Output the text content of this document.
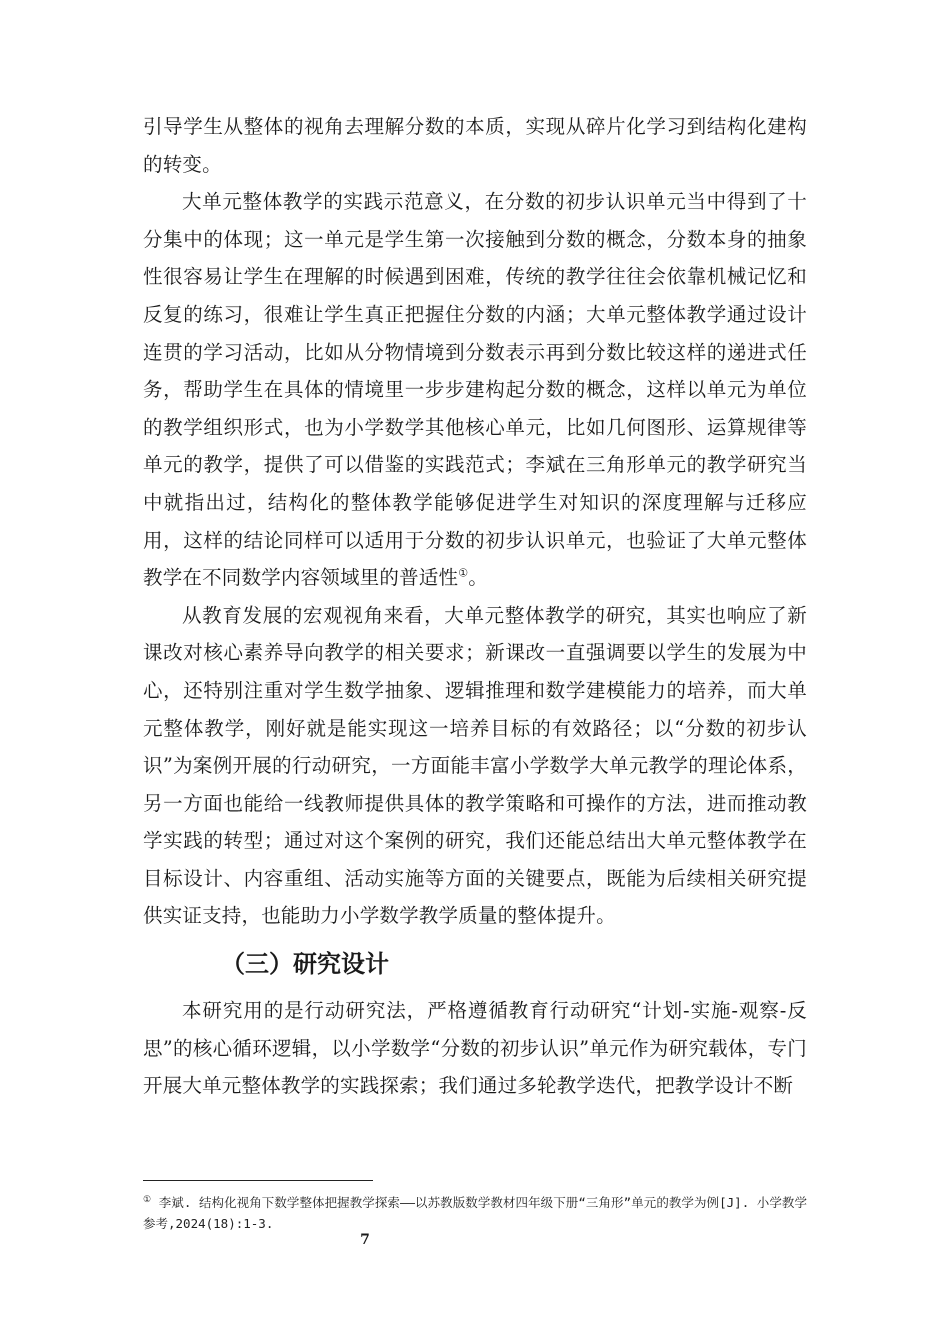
引导学生从整体的视角去理解分数的本质，实现从碎片化学习到结构化建构的转变。

大单元整体教学的实践示范意义，在分数的初步认识单元当中得到了十分集中的体现；这一单元是学生第一次接触到分数的概念，分数本身的抽象性很容易让学生在理解的时候遇到困难，传统的教学往往会依靠机械记忆和反复的练习，很难让学生真正把握住分数的内涵；大单元整体教学通过设计连贯的学习活动，比如从分物情境到分数表示再到分数比较这样的递进式任务，帮助学生在具体的情境里一步步建构起分数的概念，这样以单元为单位的教学组织形式，也为小学数学其他核心单元，比如几何图形、运算规律等单元的教学，提供了可以借鉴的实践范式；李斌在三角形单元的教学研究当中就指出过，结构化的整体教学能够促进学生对知识的深度理解与迁移应用，这样的结论同样可以适用于分数的初步认识单元，也验证了大单元整体教学在不同数学内容领域里的普适性①。

从教育发展的宏观视角来看，大单元整体教学的研究，其实也响应了新课改对核心素养导向教学的相关要求；新课改一直强调要以学生的发展为中心，还特别注重对学生数学抽象、逻辑推理和数学建模能力的培养，而大单元整体教学，刚好就是能实现这一培养目标的有效路径；以“分数的初步认识”为案例开展的行动研究，一方面能丰富小学数学大单元教学的理论体系，另一方面也能给一线教师提供具体的教学策略和可操作的方法，进而推动教学实践的转型；通过对这个案例的研究，我们还能总结出大单元整体教学在目标设计、内容重组、活动实施等方面的关键要点，既能为后续相关研究提供实证支持，也能助力小学数学教学质量的整体提升。

（三）研究设计

本研究用的是行动研究法，严格遵循教育行动研究“计划-实施-观察-反思”的核心循环逻辑，以小学数学“分数的初步认识”单元作为研究载体，专门开展大单元整体教学的实践探索；我们通过多轮教学迭代，把教学设计不断

① 李斌. 结构化视角下数学整体把握教学探索——以苏教版数学教材四年级下册“三角形”单元的教学为例[J]. 小学教学参考,2024(18):1-3.
7
